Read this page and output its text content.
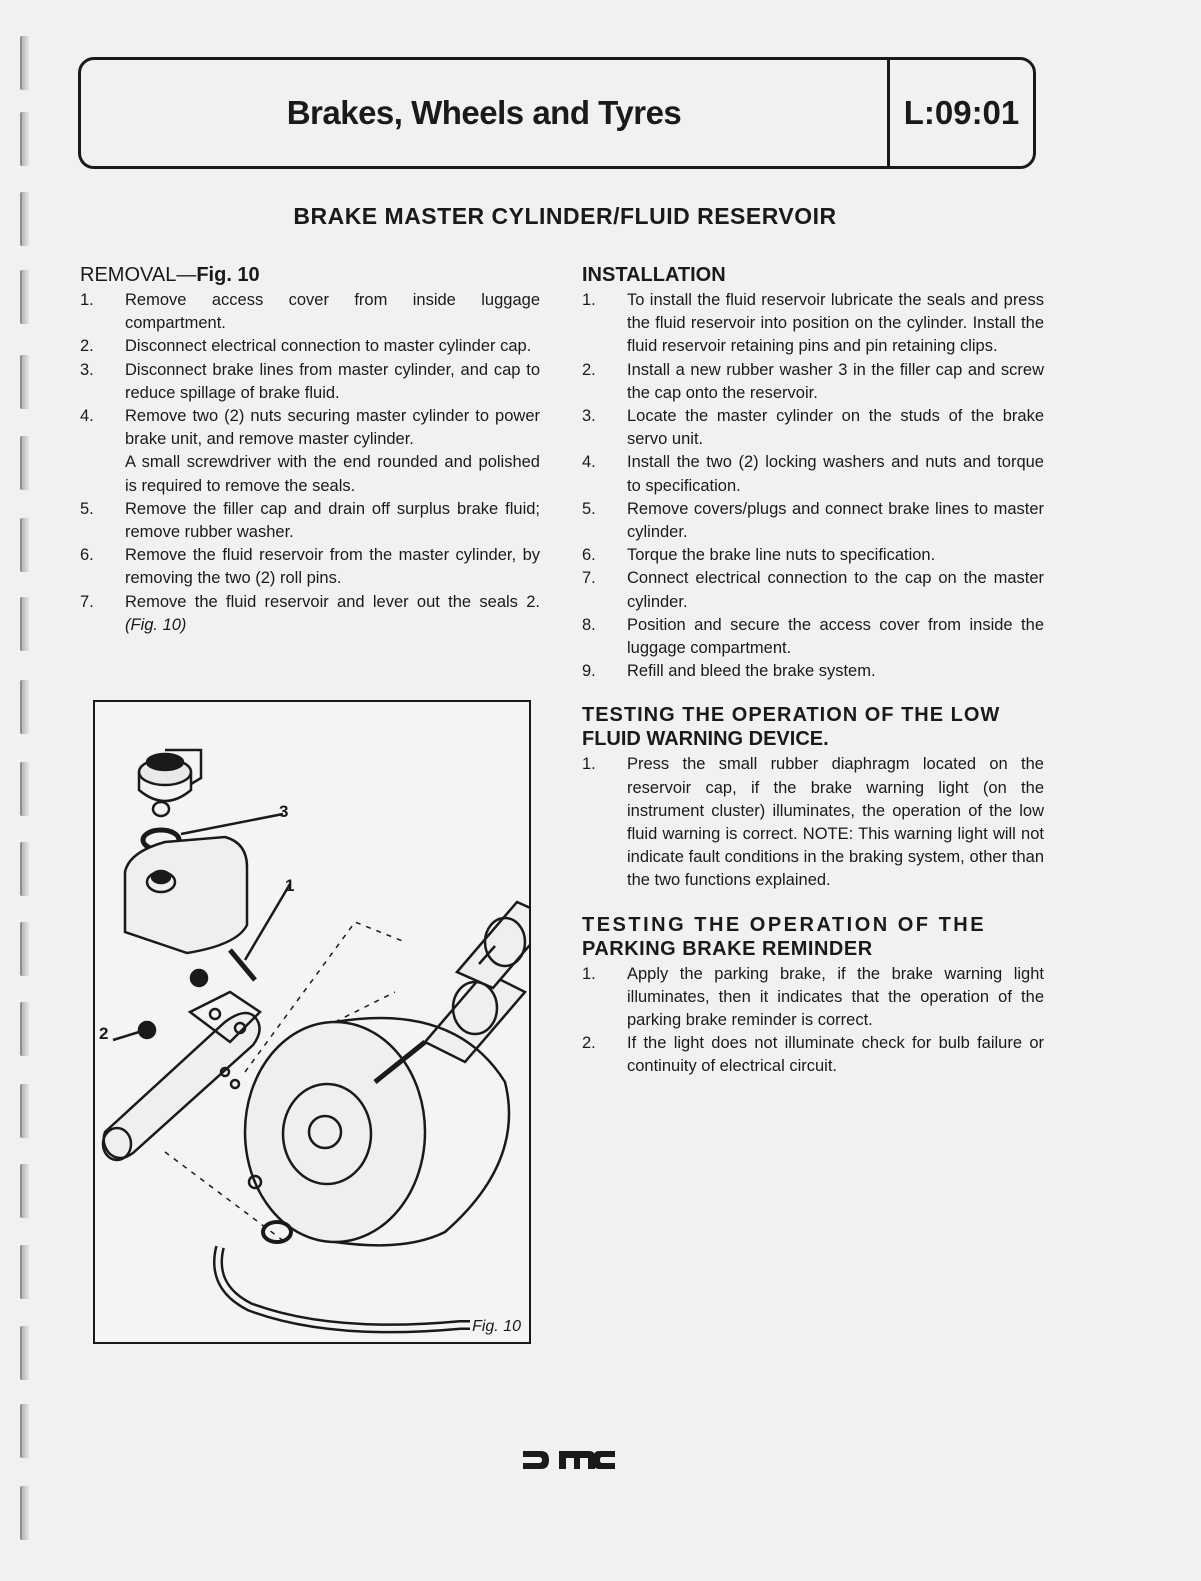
Brakes, Wheels and Tyres	L:09:01
BRAKE MASTER CYLINDER/FLUID RESERVOIR
REMOVAL—Fig. 10
1. Remove access cover from inside luggage compartment.
2. Disconnect electrical connection to master cylinder cap.
3. Disconnect brake lines from master cylinder, and cap to reduce spillage of brake fluid.
4. Remove two (2) nuts securing master cylinder to power brake unit, and remove master cylinder.
A small screwdriver with the end rounded and polished is required to remove the seals.
5. Remove the filler cap and drain off surplus brake fluid; remove rubber washer.
6. Remove the fluid reservoir from the master cylinder, by removing the two (2) roll pins.
7. Remove the fluid reservoir and lever out the seals 2. (Fig. 10)
3
1
2
Fig. 10
INSTALLATION
1. To install the fluid reservoir lubricate the seals and press the fluid reservoir into position on the cylinder. Install the fluid reservoir retaining pins and pin retaining clips.
2. Install a new rubber washer 3 in the filler cap and screw the cap onto the reservoir.
3. Locate the master cylinder on the studs of the brake servo unit.
4. Install the two (2) locking washers and nuts and torque to specification.
5. Remove covers/plugs and connect brake lines to master cylinder.
6. Torque the brake line nuts to specification.
7. Connect electrical connection to the cap on the master cylinder.
8. Position and secure the access cover from inside the luggage compartment.
9. Refill and bleed the brake system.
TESTING THE OPERATION OF THE LOW
FLUID WARNING DEVICE.
1. Press the small rubber diaphragm located on the reservoir cap, if the brake warning light (on the instrument cluster) illuminates, the operation of the low fluid warning is correct. NOTE: This warning light will not indicate fault conditions in the braking system, other than the two functions explained.
TESTING THE OPERATION OF THE
PARKING BRAKE REMINDER
1. Apply the parking brake, if the brake warning light illuminates, then it indicates that the operation of the parking brake reminder is correct.
2. If the light does not illuminate check for bulb failure or continuity of electrical circuit.
